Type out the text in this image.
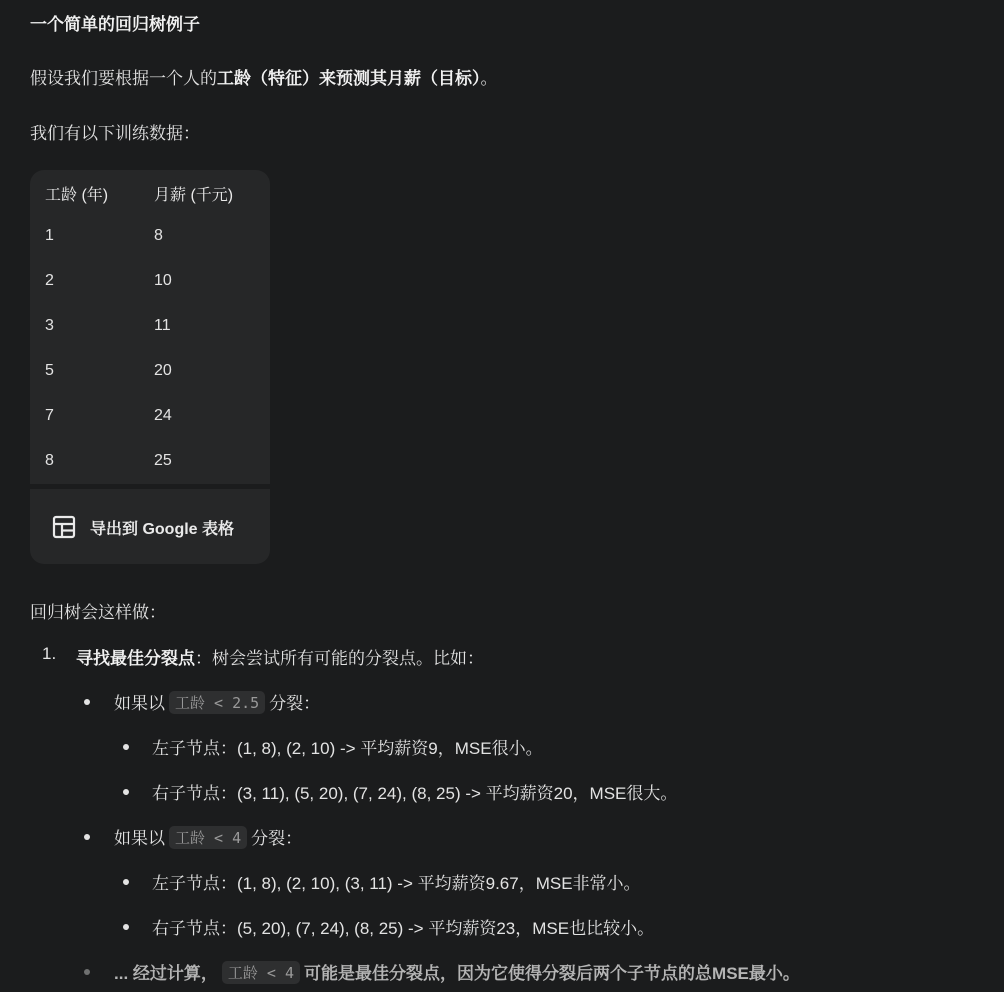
一个简单的回归树例子
假设我们要根据一个人的工龄（特征）来预测其月薪（目标）。
我们有以下训练数据：
工龄 (年)	月薪 (千元)
1	8
2	10
3	11
5	20
7	24
8	25
导出到 Google 表格
回归树会这样做：
1. 寻找最佳分裂点：树会尝试所有可能的分裂点。比如：
如果以 工龄 < 2.5 分裂：
左子节点：(1, 8), (2, 10) -> 平均薪资9，MSE很小。
右子节点：(3, 11), (5, 20), (7, 24), (8, 25) -> 平均薪资20，MSE很大。
如果以 工龄 < 4 分裂：
左子节点：(1, 8), (2, 10), (3, 11) -> 平均薪资9.67，MSE非常小。
右子节点：(5, 20), (7, 24), (8, 25) -> 平均薪资23，MSE也比较小。
... 经过计算， 工龄 < 4 可能是最佳分裂点，因为它使得分裂后两个子节点的总MSE最小。
